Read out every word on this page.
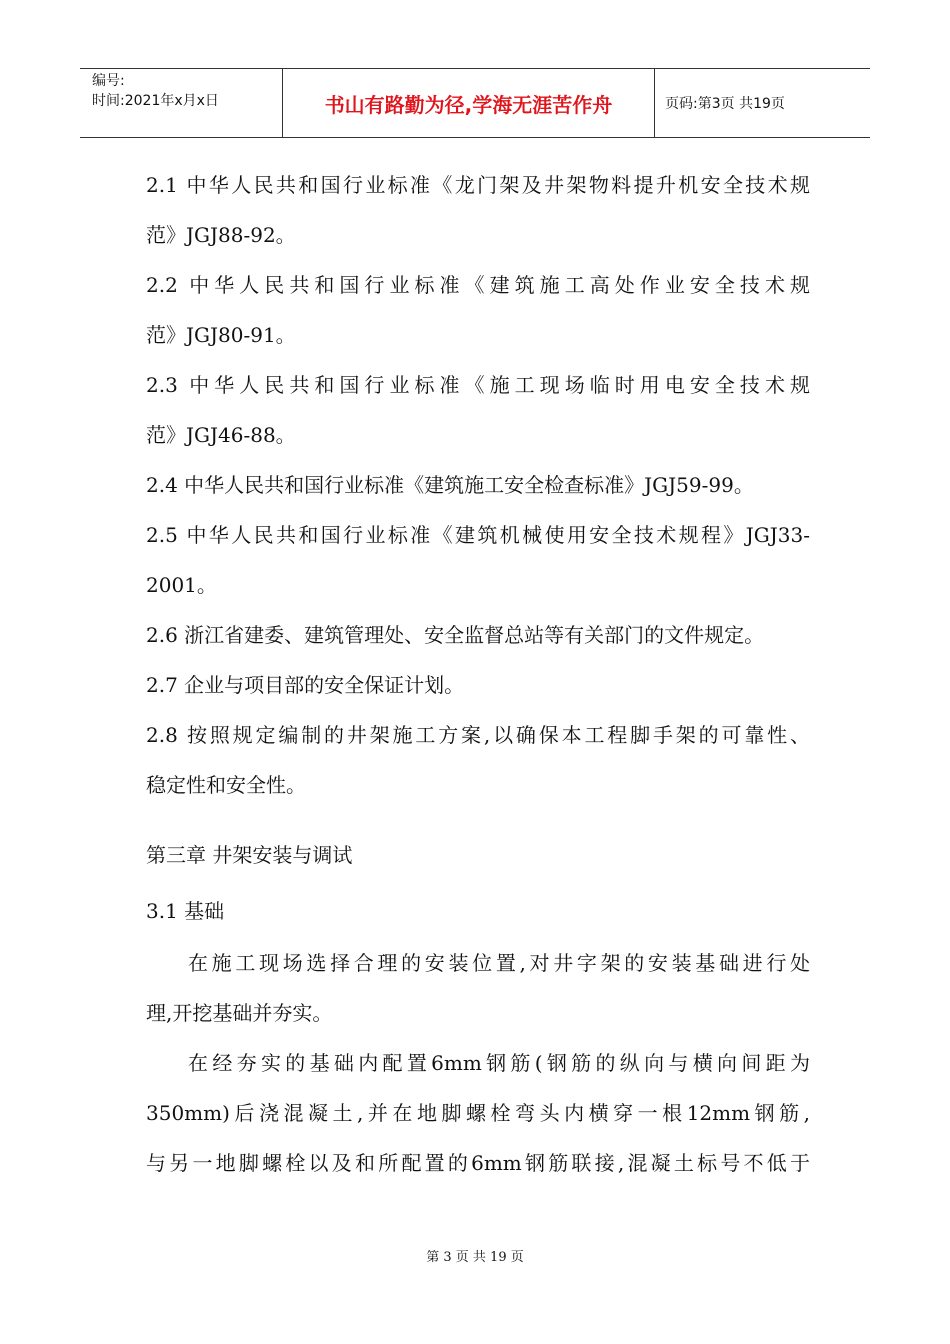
编号:
时间:2021年x月x日	书山有路勤为径,学海无涯苦作舟	页码:第3页 共19页
2.1 中华人民共和国行业标准《龙门架及井架物料提升机安全技术规
范》JGJ88-92。
2.2 中华人民共和国行业标准《建筑施工高处作业安全技术规
范》JGJ80-91。
2.3 中华人民共和国行业标准《施工现场临时用电安全技术规
范》JGJ46-88。
2.4 中华人民共和国行业标准《建筑施工安全检查标准》JGJ59-99。
2.5 中华人民共和国行业标准《建筑机械使用安全技术规程》JGJ33-
2001。
2.6 浙江省建委、建筑管理处、安全监督总站等有关部门的文件规定。
2.7 企业与项目部的安全保证计划。
2.8 按照规定编制的井架施工方案,以确保本工程脚手架的可靠性、
稳定性和安全性。
第三章 井架安装与调试
3.1 基础
在施工现场选择合理的安装位置,对井字架的安装基础进行处
理,开挖基础并夯实。
在经夯实的基础内配置6mm钢筋(钢筋的纵向与横向间距为
350mm)后浇混凝土,并在地脚螺栓弯头内横穿一根12mm钢筋,
与另一地脚螺栓以及和所配置的6mm钢筋联接,混凝土标号不低于
第 3 页 共 19 页
